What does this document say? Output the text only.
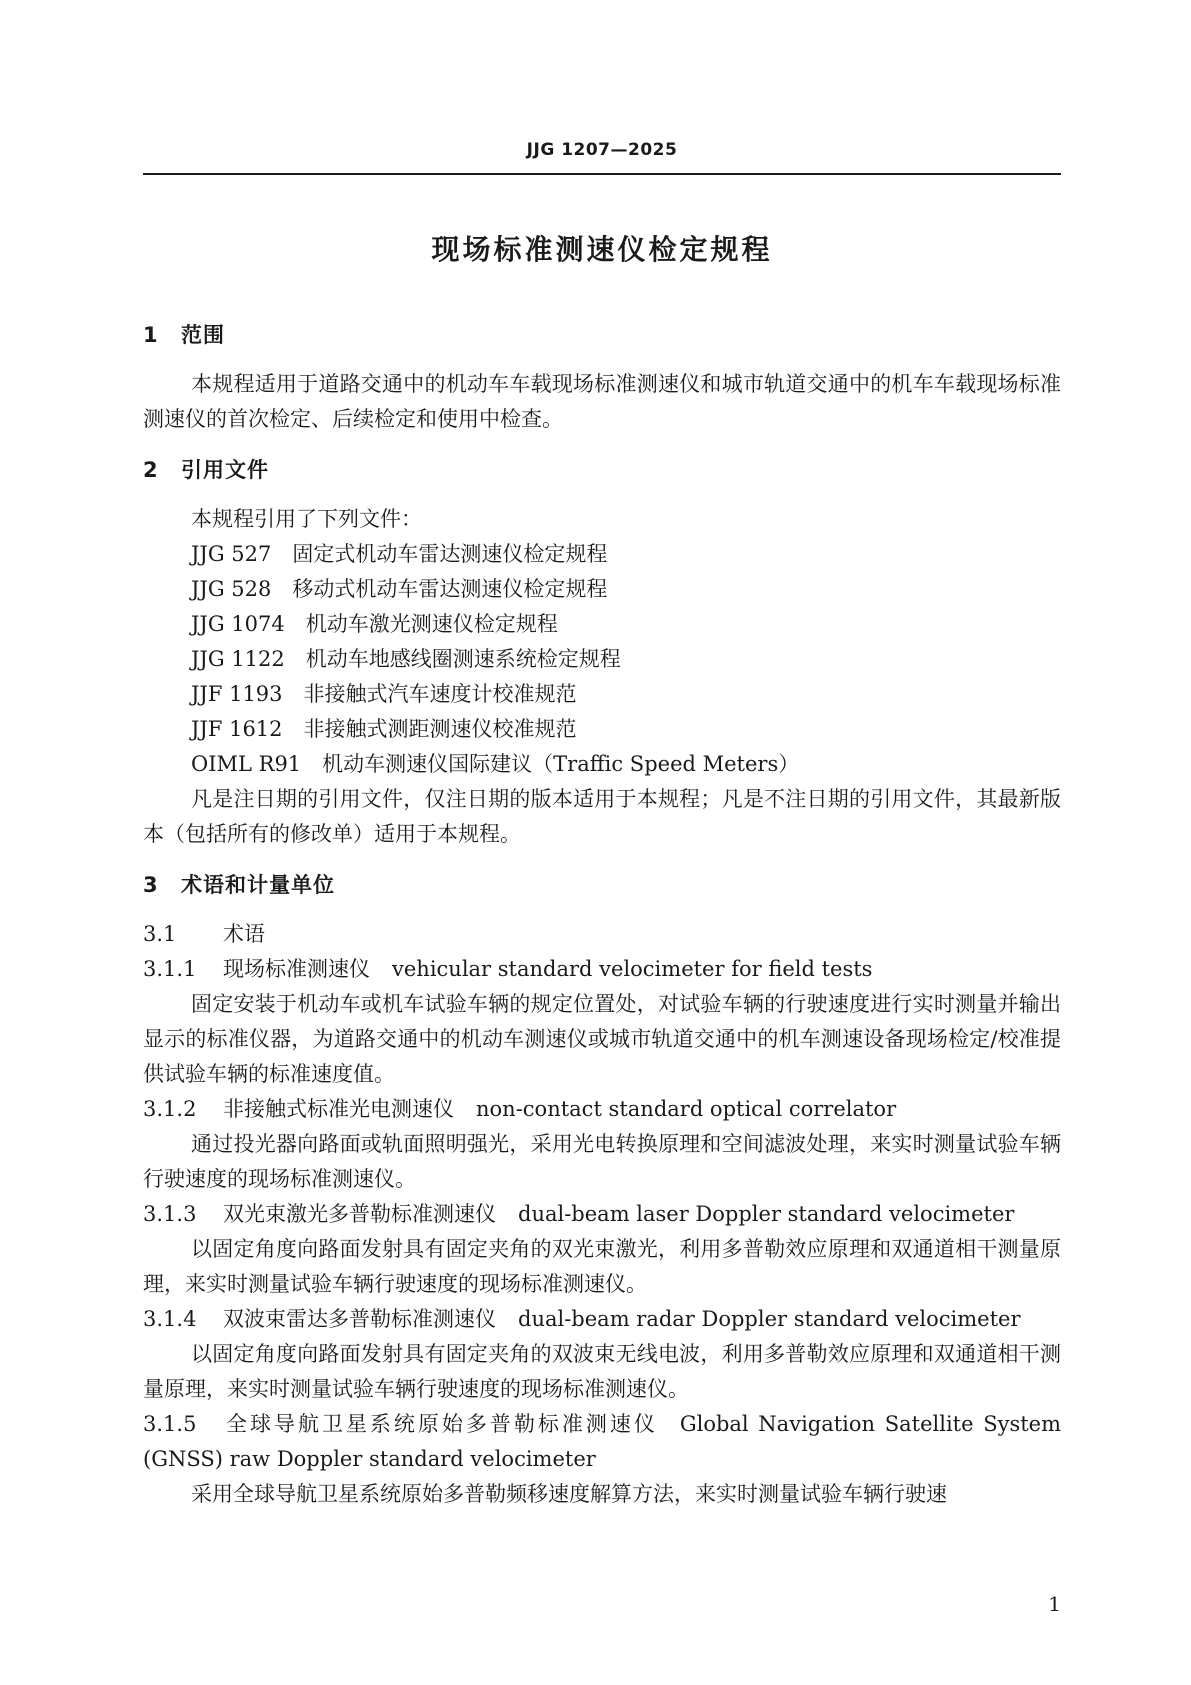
JJG 1207—2025
现场标准测速仪检定规程
1 范围

本规程适用于道路交通中的机动车车载现场标准测速仪和城市轨道交通中的机车车载现场标准测速仪的首次检定、后续检定和使用中检查。

2 引用文件

本规程引用了下列文件：

JJG 527　 固定式机动车雷达测速仪检定规程

JJG 528　 移动式机动车雷达测速仪检定规程

JJG 1074　 机动车激光测速仪检定规程

JJG 1122　 机动车地感线圈测速系统检定规程

JJF 1193　 非接触式汽车速度计校准规范

JJF 1612　 非接触式测距测速仪校准规范

OIML R91　 机动车测速仪国际建议（Traffic Speed Meters）

凡是注日期的引用文件，仅注日期的版本适用于本规程；凡是不注日期的引用文件，其最新版本（包括所有的修改单）适用于本规程。

3 术语和计量单位

3.1 术语

3.1.1 现场标准测速仪 vehicular standard velocimeter for field tests

固定安装于机动车或机车试验车辆的规定位置处，对试验车辆的行驶速度进行实时测量并输出显示的标准仪器，为道路交通中的机动车测速仪或城市轨道交通中的机车测速设备现场检定/校准提供试验车辆的标准速度值。

3.1.2 非接触式标准光电测速仪 non-contact standard optical correlator

通过投光器向路面或轨面照明强光，采用光电转换原理和空间滤波处理，来实时测量试验车辆行驶速度的现场标准测速仪。

3.1.3 双光束激光多普勒标准测速仪 dual-beam laser Doppler standard velocimeter

以固定角度向路面发射具有固定夹角的双光束激光，利用多普勒效应原理和双通道相干测量原理，来实时测量试验车辆行驶速度的现场标准测速仪。

3.1.4 双波束雷达多普勒标准测速仪 dual-beam radar Doppler standard velocimeter

以固定角度向路面发射具有固定夹角的双波束无线电波，利用多普勒效应原理和双通道相干测量原理，来实时测量试验车辆行驶速度的现场标准测速仪。

3.1.5 全球导航卫星系统原始多普勒标准测速仪 Global Navigation Satellite System (GNSS) raw Doppler standard velocimeter

采用全球导航卫星系统原始多普勒频移速度解算方法，来实时测量试验车辆行驶速

1
